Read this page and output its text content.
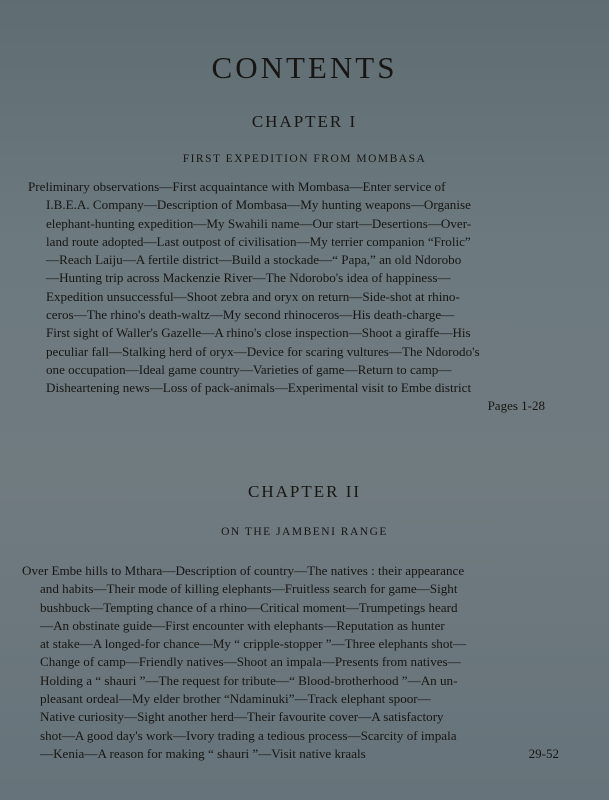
CONTENTS
CHAPTER I
FIRST EXPEDITION FROM MOMBASA
Preliminary observations—First acquaintance with Mombasa—Enter service of
I.B.E.A. Company—Description of Mombasa—My hunting weapons—Organise
elephant-hunting expedition—My Swahili name—Our start—Desertions—Over-
land route adopted—Last outpost of civilisation—My terrier companion “Frolic”
—Reach Laiju—A fertile district—Build a stockade—“ Papa,” an old Ndorobo
—Hunting trip across Mackenzie River—The Ndorobo's idea of happiness—
Expedition unsuccessful—Shoot zebra and oryx on return—Side-shot at rhino-
ceros—The rhino's death-waltz—My second rhinoceros—His death-charge—
First sight of Waller's Gazelle—A rhino's close inspection—Shoot a giraffe—His
peculiar fall—Stalking herd of oryx—Device for scaring vultures—The Ndorodo's
one occupation—Ideal game country—Varieties of game—Return to camp—
Disheartening news—Loss of pack-animals—Experimental visit to Embe district
Pages 1-28
CHAPTER II
ON THE JAMBENI RANGE
Over Embe hills to Mthara—Description of country—The natives : their appearance
and habits—Their mode of killing elephants—Fruitless search for game—Sight
bushbuck—Tempting chance of a rhino—Critical moment—Trumpetings heard
—An obstinate guide—First encounter with elephants—Reputation as hunter
at stake—A longed-for chance—My “ cripple-stopper ”—Three elephants shot—
Change of camp—Friendly natives—Shoot an impala—Presents from natives—
Holding a “ shauri ”—The request for tribute—“ Blood-brotherhood ”—An un-
pleasant ordeal—My elder brother “Ndaminuki”—Track elephant spoor—
Native curiosity—Sight another herd—Their favourite cover—A satisfactory
shot—A good day's work—Ivory trading a tedious process—Scarcity of impala
—Kenia—A reason for making “ shauri ”—Visit native kraals	29-52
